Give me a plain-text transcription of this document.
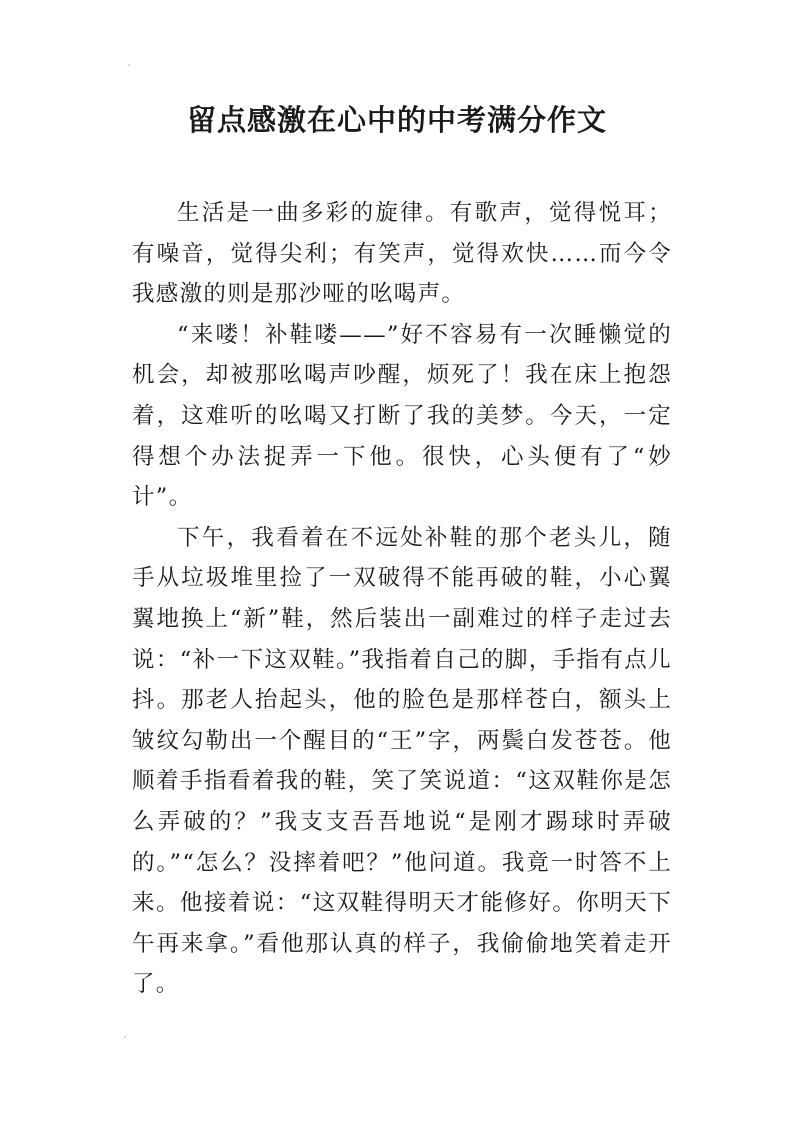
留点感激在心中的中考满分作文

生活是一曲多彩的旋律。有歌声，觉得悦耳；有噪音，觉得尖利；有笑声，觉得欢快……而今令我感激的则是那沙哑的吆喝声。

“来喽！补鞋喽——”好不容易有一次睡懒觉的机会，却被那吆喝声吵醒，烦死了！我在床上抱怨着，这难听的吆喝又打断了我的美梦。今天，一定得想个办法捉弄一下他。很快，心头便有了“妙计”。

下午，我看着在不远处补鞋的那个老头儿，随手从垃圾堆里捡了一双破得不能再破的鞋，小心翼翼地换上“新”鞋，然后装出一副难过的样子走过去说：“补一下这双鞋。”我指着自己的脚，手指有点儿抖。那老人抬起头，他的脸色是那样苍白，额头上皱纹勾勒出一个醒目的“王”字，两鬓白发苍苍。他顺着手指看着我的鞋，笑了笑说道：“这双鞋你是怎么弄破的？”我支支吾吾地说“是刚才踢球时弄破的。”“怎么？没摔着吧？”他问道。我竟一时答不上来。他接着说：“这双鞋得明天才能修好。你明天下午再来拿。”看他那认真的样子，我偷偷地笑着走开了。
